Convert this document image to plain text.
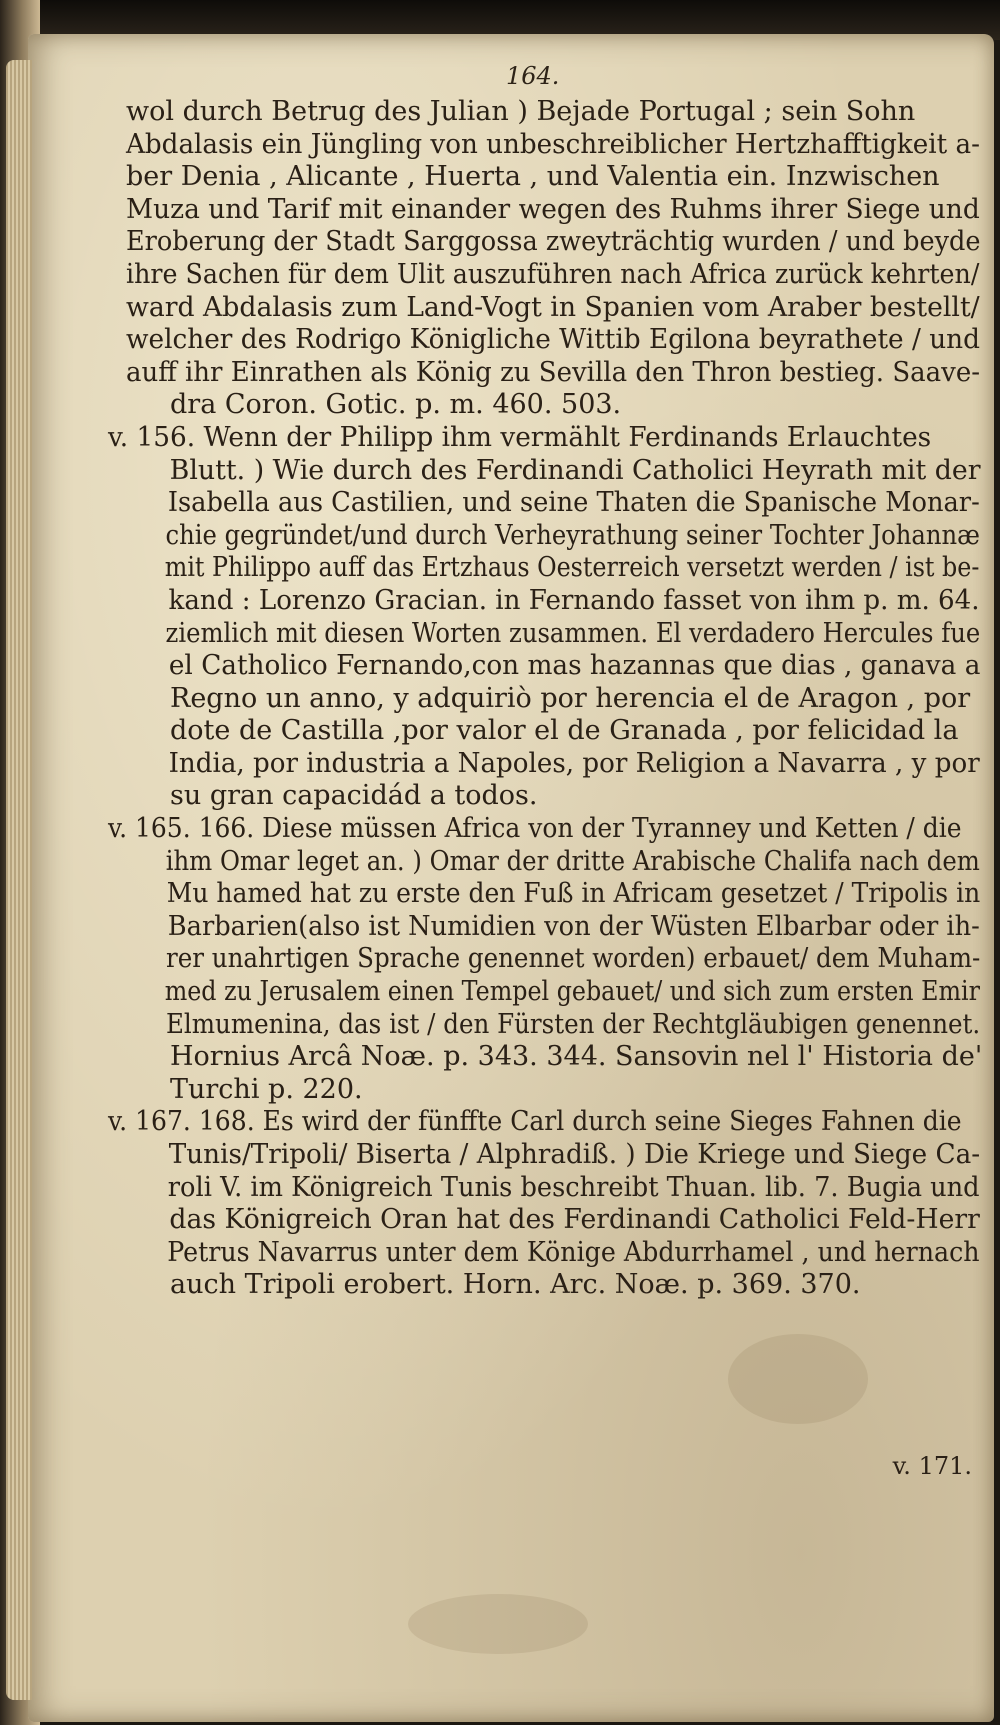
164.
wol durch Betrug des Julian ) Bejade Portugal ; sein Sohn
Abdalasis ein Jüngling von unbeschreiblicher Hertzhafftigkeit a-
ber Denia , Alicante , Huerta , und Valentia ein. Inzwischen
Muza und Tarif mit einander wegen des Ruhms ihrer Siege und
Eroberung der Stadt Sarggossa zweyträchtig wurden / und beyde
ihre Sachen für dem Ulit auszuführen nach Africa zurück kehrten/
ward Abdalasis zum Land-Vogt in Spanien vom Araber bestellt/
welcher des Rodrigo Königliche Wittib Egilona beyrathete / und
auff ihr Einrathen als König zu Sevilla den Thron bestieg. Saave-
dra Coron. Gotic. p. m. 460. 503.
v. 156. Wenn der Philipp ihm vermählt Ferdinands Erlauchtes
Blutt. ) Wie durch des Ferdinandi Catholici Heyrath mit der
Isabella aus Castilien, und seine Thaten die Spanische Monar-
chie gegründet/und durch Verheyrathung seiner Tochter Johannæ
mit Philippo auff das Ertzhaus Oesterreich versetzt werden / ist be-
kand : Lorenzo Gracian. in Fernando fasset von ihm p. m. 64.
ziemlich mit diesen Worten zusammen. El verdadero Hercules fue
el Catholico Fernando,con mas hazannas que dias , ganava a
Regno un anno, y adquiriò por herencia el de Aragon , por
dote de Castilla ,por valor el de Granada , por felicidad la
India, por industria a Napoles, por Religion a Navarra , y por
su gran capacidád a todos.
v. 165. 166. Diese müssen Africa von der Tyranney und Ketten / die
ihm Omar leget an. ) Omar der dritte Arabische Chalifa nach dem
Mu hamed hat zu erste den Fuß in Africam gesetzet / Tripolis in
Barbarien(also ist Numidien von der Wüsten Elbarbar oder ih-
rer unahrtigen Sprache genennet worden) erbauet/ dem Muham-
med zu Jerusalem einen Tempel gebauet/ und sich zum ersten Emir
Elmumenina, das ist / den Fürsten der Rechtgläubigen genennet.
Hornius Arcâ Noæ. p. 343. 344. Sansovin nel l' Historia de'
Turchi p. 220.
v. 167. 168. Es wird der fünffte Carl durch seine Sieges Fahnen die
Tunis/Tripoli/ Biserta / Alphradiß. ) Die Kriege und Siege Ca-
roli V. im Königreich Tunis beschreibt Thuan. lib. 7. Bugia und
das Königreich Oran hat des Ferdinandi Catholici Feld-Herr
Petrus Navarrus unter dem Könige Abdurrhamel , und hernach
auch Tripoli erobert. Horn. Arc. Noæ. p. 369. 370.
v. 171.
